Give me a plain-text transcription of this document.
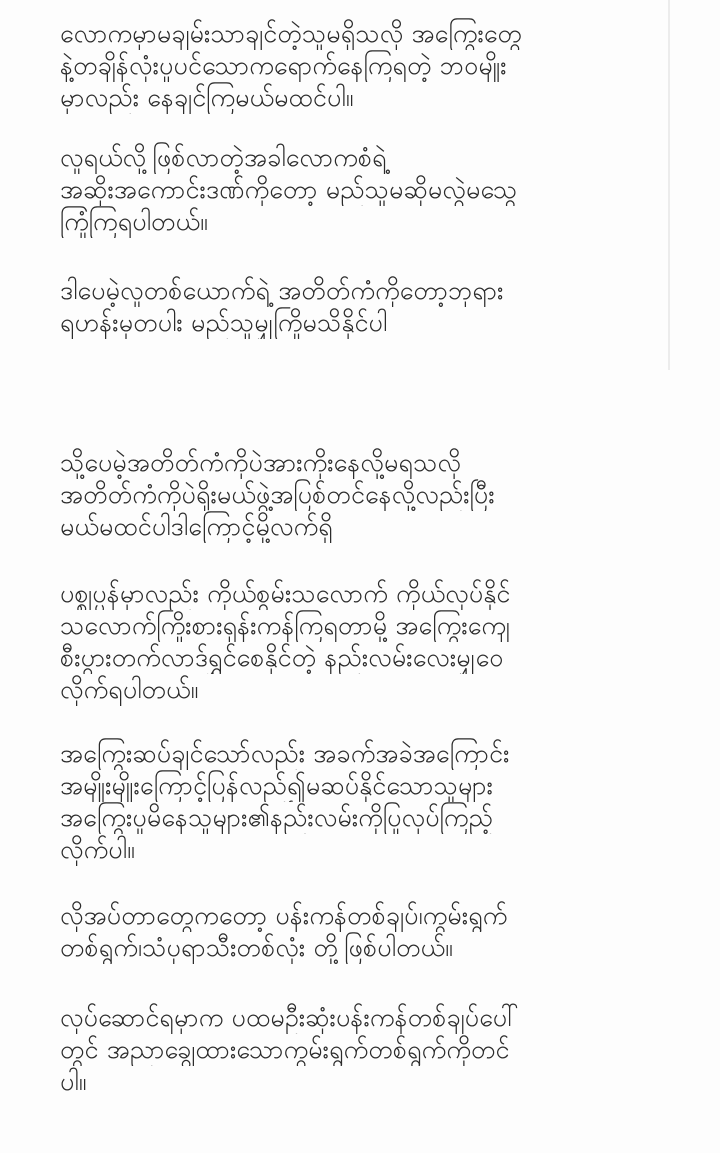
လောကမှာမချမ်းသာချင်တဲ့သူမရှိသလို အကြွေးတွေ
နဲ့တချိန်လုံးပူပင်သောကရောက်နေကြရတဲ့ ဘဝမျိုး
မှာလည်း နေချင်ကြမယ်မထင်ပါ။
လူရယ်လို့ဖြစ်လာတဲ့အခါလောကစံရဲ့
အဆိုးအကောင်းဒဏ်ကိုတော့ မည်သူမဆိုမလွဲမသွေ
ကြုံကြရပါတယ်။
ဒါပေမဲ့လူတစ်ယောက်ရဲ့ အတိတ်ကံကိုတော့ဘုရား
ရဟန်းမှတပါး မည်သူမျှကြိုမသိနိုင်ပါ
သို့ပေမဲ့အတိတ်ကံကိုပဲအားကိုးနေလို့မရသလို
အတိတ်ကံကိုပဲရိုးမယ်ဖွဲ့အပြစ်တင်နေလို့လည်းပြီး
မယ်မထင်ပါဒါကြောင့်မို့လက်ရှိ
ပစ္စုပ္ပန်မှာလည်း ကိုယ်စွမ်းသလောက် ကိုယ်လုပ်နိုင်
သလောက်ကြိုးစားရှန်းကန်ကြရတာမို့ အကြွေးကျေ
စီးပွားတက်လာဒ်ရွှင်စေနိုင်တဲ့ နည်းလမ်းလေးမျှဝေ
လိုက်ရပါတယ်။
အကြွေးဆပ်ချင်သော်လည်း အခက်အခဲအကြောင်း
အမျိုးမျိုးကြောင့်ပြန်လည်၍မဆပ်နိုင်သောသူများ
အကြွေးပူမိနေသူများ၏နည်းလမ်းကိုပြုလုပ်ကြည့်
လိုက်ပါ။
လိုအပ်တာတွေကတော့ ပန်းကန်တစ်ချပ်၊ကွမ်းရွက်
တစ်ရွက်၊သံပုရာသီးတစ်လုံး တို့ဖြစ်ပါတယ်။
လုပ်ဆောင်ရမှာက ပထမဦးဆုံးပန်းကန်တစ်ချပ်ပေါ်
တွင် အညာချွေထားသောကွမ်းရွက်တစ်ရွက်ကိုတင်
ပါ။
